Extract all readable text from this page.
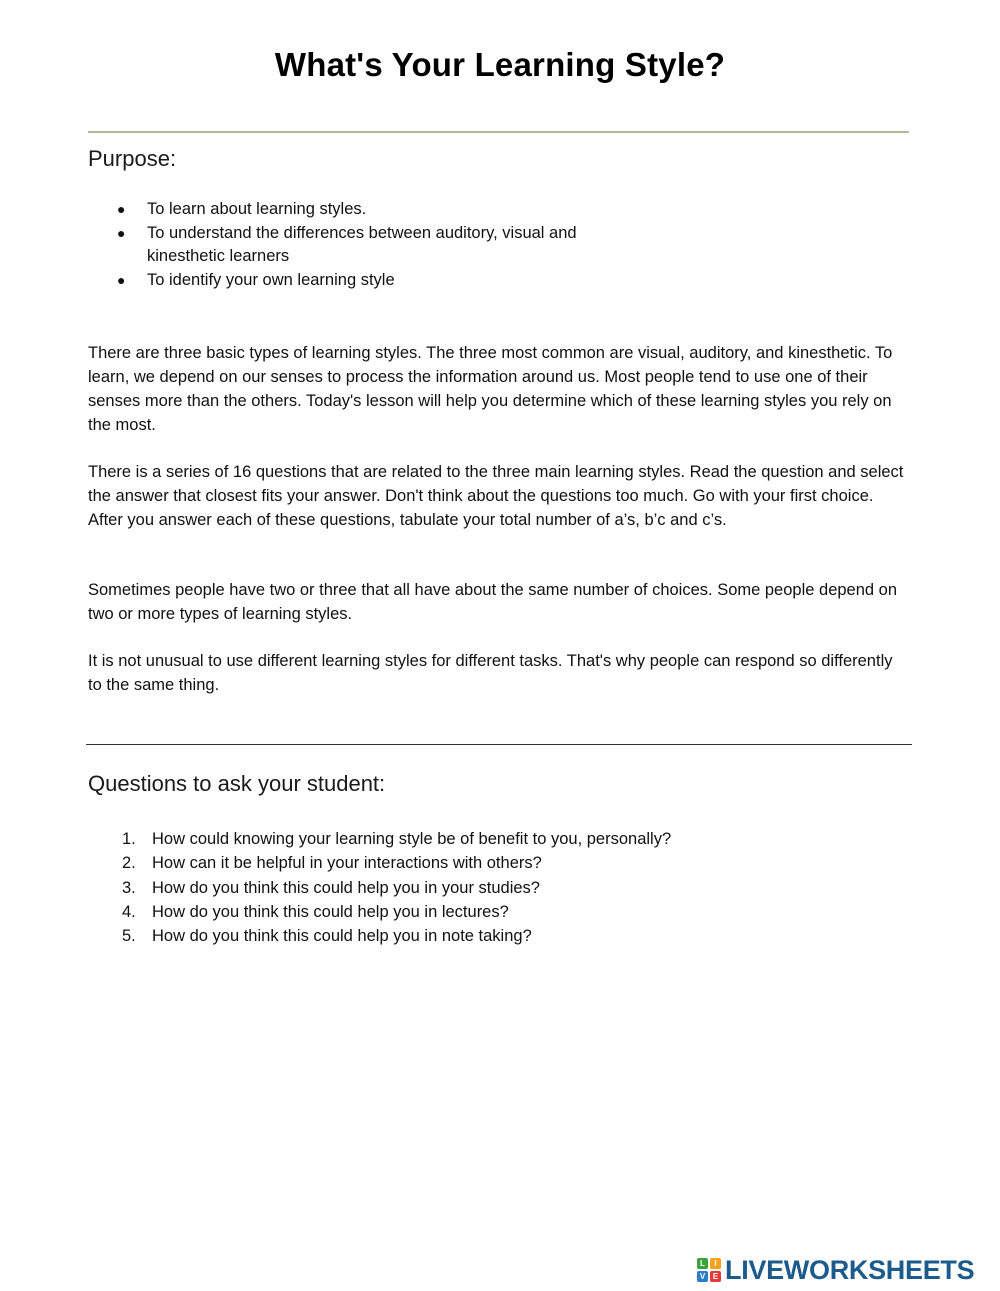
What's Your Learning Style?
Purpose:
● To learn about learning styles.
● To understand the differences between auditory, visual and
kinesthetic learners
● To identify your own learning style

There are three basic types of learning styles. The three most common are visual, auditory, and kinesthetic. To learn, we depend on our senses to process the information around us. Most people tend to use one of their senses more than the others. Today's lesson will help you determine which of these learning styles you rely on the most.

There is a series of 16 questions that are related to the three main learning styles. Read the question and select the answer that closest fits your answer. Don't think about the questions too much. Go with your first choice. After you answer each of these questions, tabulate your total number of a’s, b’c and c’s.

Sometimes people have two or three that all have about the same number of choices. Some people depend on two or more types of learning styles.

It is not unusual to use different learning styles for different tasks. That's why people can respond so differently to the same thing.

Questions to ask your student:
1. How could knowing your learning style be of benefit to you, personally?
2. How can it be helpful in your interactions with others?
3. How do you think this could help you in your studies?
4. How do you think this could help you in lectures?
5. How do you think this could help you in note taking?
L	I
V E LIVEWORKSHEETS
